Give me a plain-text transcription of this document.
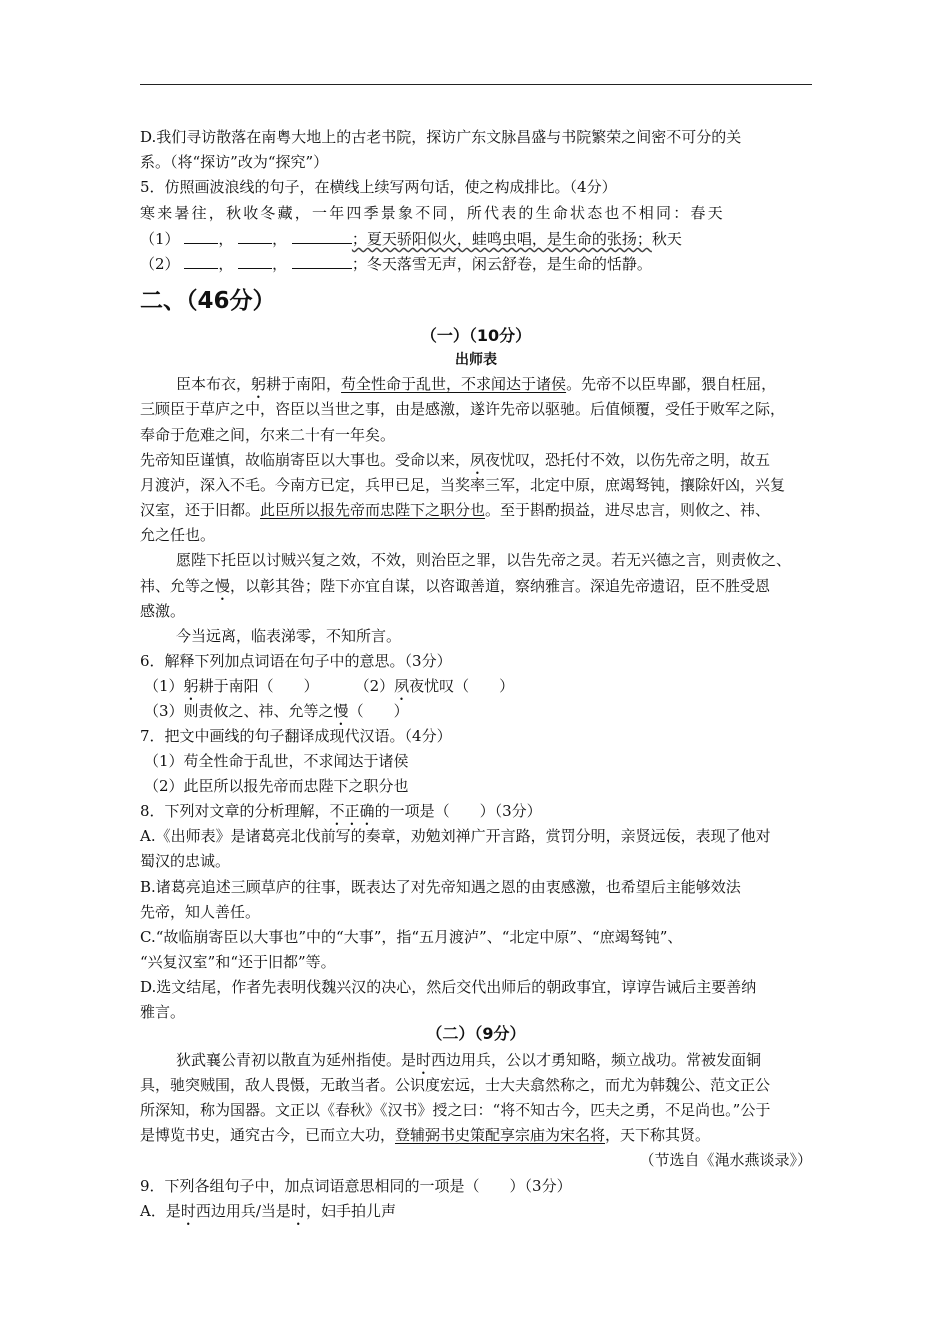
D.我们寻访散落在南粤大地上的古老书院，探访广东文脉昌盛与书院繁荣之间密不可分的关
系。（将“探访”改为“探究”）
5．仿照画波浪线的句子，在横线上续写两句话，使之构成排比。（4分）
寒来暑往，秋收冬藏，一年四季景象不同，所代表的生命状态也不相同：春天
（1）	， ，	；夏天骄阳似火，蛙鸣虫唱，是生命的张扬；秋天
（2）	， ，	；冬天落雪无声，闲云舒卷，是生命的恬静。
二、（46分）
（一）（10分）
出师表
臣本布衣，躬耕于南阳，苟全性命于乱世，不求闻达于诸侯。先帝不以臣卑鄙，猥自枉屈，
三顾臣于草庐之中，咨臣以当世之事，由是感激，遂许先帝以驱驰。后值倾覆，受任于败军之际，
奉命于危难之间，尔来二十有一年矣。
先帝知臣谨慎，故临崩寄臣以大事也。受命以来，夙夜忧叹，恐托付不效，以伤先帝之明，故五
月渡泸，深入不毛。今南方已定，兵甲已足，当奖率三军，北定中原，庶竭驽钝，攘除奸凶，兴复
汉室，还于旧都。此臣所以报先帝而忠陛下之职分也。至于斟酌损益，进尽忠言，则攸之、祎、
允之任也。
愿陛下托臣以讨贼兴复之效，不效，则治臣之罪，以告先帝之灵。若无兴德之言，则责攸之、
祎、允等之慢，以彰其咎；陛下亦宜自谋，以咨诹善道，察纳雅言。深追先帝遗诏，臣不胜受恩
感激。
今当远离，临表涕零，不知所言。
6．解释下列加点词语在句子中的意思。（3分）
（1）躬耕于南阳（　　） （2）夙夜忧叹（　　）
（3）则责攸之、祎、允等之慢（　　）
7．把文中画线的句子翻译成现代汉语。（4分）
（1）苟全性命于乱世，不求闻达于诸侯
（2）此臣所以报先帝而忠陛下之职分也
8．下列对文章的分析理解，不正确的一项是（　　）（3分）
A.《出师表》是诸葛亮北伐前写的奏章，劝勉刘禅广开言路，赏罚分明，亲贤远佞，表现了他对
蜀汉的忠诚。
B.诸葛亮追述三顾草庐的往事，既表达了对先帝知遇之恩的由衷感激，也希望后主能够效法
先帝，知人善任。
C.“故临崩寄臣以大事也”中的“大事”，指“五月渡泸”、“北定中原”、“庶竭驽钝”、
“兴复汉室”和“还于旧都”等。
D.选文结尾，作者先表明伐魏兴汉的决心，然后交代出师后的朝政事宜，谆谆告诫后主要善纳
雅言。
（二）（9分）
狄武襄公青初以散直为延州指使。是时西边用兵，公以才勇知略，频立战功。常被发面铜
具，驰突贼围，敌人畏慑，无敢当者。公识度宏远，士大夫翕然称之，而尤为韩魏公、范文正公
所深知，称为国器。文正以《春秋》《汉书》授之曰：“将不知古今，匹夫之勇，不足尚也。”公于
是博览书史，通究古今，已而立大功，登辅弼书史策配享宗庙为宋名将，天下称其贤。
（节选自《渑水燕谈录》）
9．下列各组句子中，加点词语意思相同的一项是（　　）（3分）
A．是时西边用兵/当是时，妇手拍儿声
